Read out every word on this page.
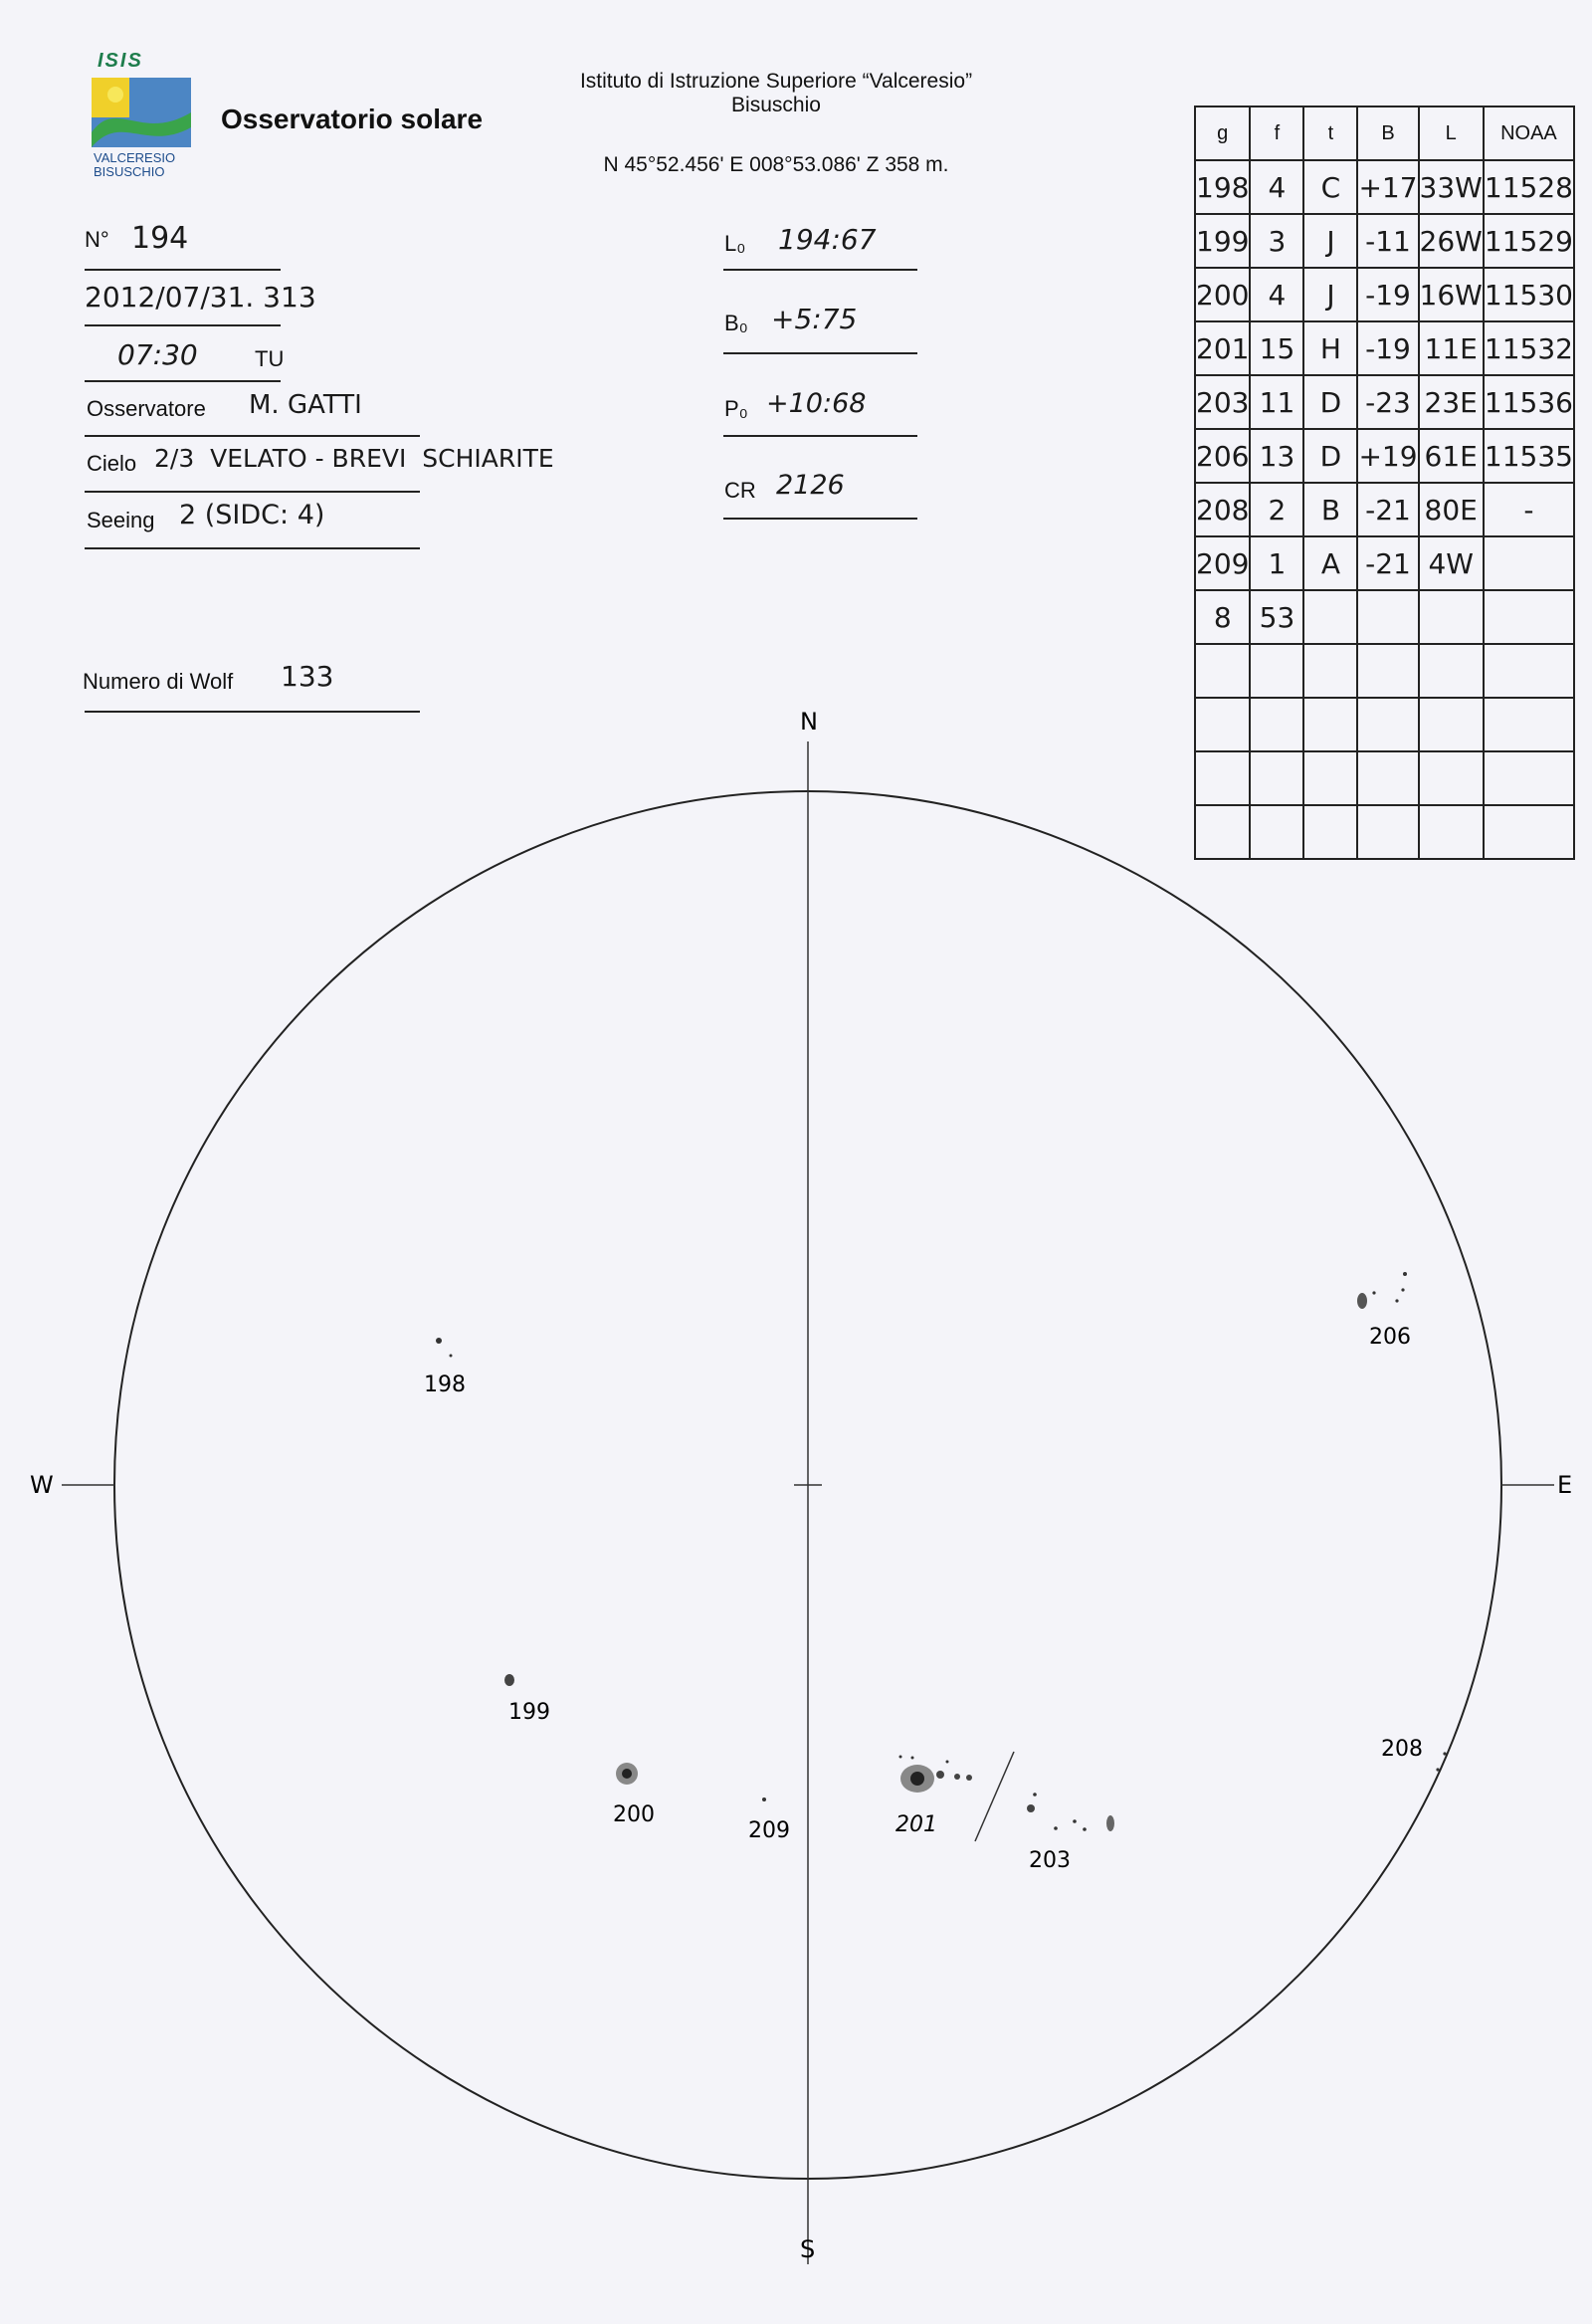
ISIS
VALCERESIO
BISUSCHIO
Osservatorio solare
Istituto di Istruzione Superiore “Valceresio”
Bisuschio
N 45°52.456' E 008°53.086' Z 358 m.
N° 194
2012/07/31. 313
07:30	TU
Osservatore M. GATTI
Cielo 2/3  VELATO - BREVI  SCHIARITE
Seeing 2 (SIDC: 4)
Numero di Wolf 133
L₀ 194:67
B₀ +5:75
P₀ +10:68
CR 2126
g	f	t	B	L	NOAA
198	4	C	+17	33W	11528
199	3	J	-11	26W	11529
200	4	J	-19	16W	11530
201	15	H	-19	11E	11532
203	11	D	-23	23E	11536
206	13	D	+19	61E	11535
208	2	B	-21	80E	-
209	1	A	-21	4W	
8	53				

N
S
W	E
198
206
199
200
209	201
203
208
